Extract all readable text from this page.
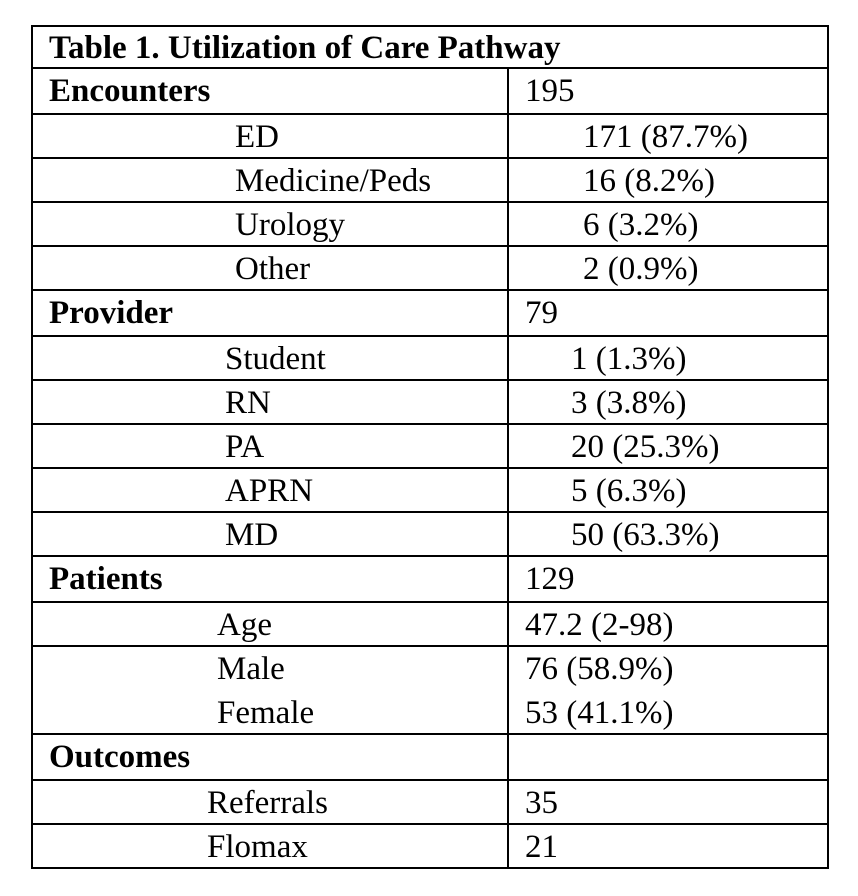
Table 1. Utilization of Care Pathway
Encounters	195
ED	171 (87.7%)
Medicine/Peds	16 (8.2%)
Urology	6 (3.2%)
Other	2 (0.9%)
Provider	79
Student	1 (1.3%)
RN	3 (3.8%)
PA	20 (25.3%)
APRN	5 (6.3%)
MD	50 (63.3%)
Patients	129
Age	47.2 (2-98)
Male	76 (58.9%)
Female	53 (41.1%)
Outcomes
Referrals	35
Flomax	21
